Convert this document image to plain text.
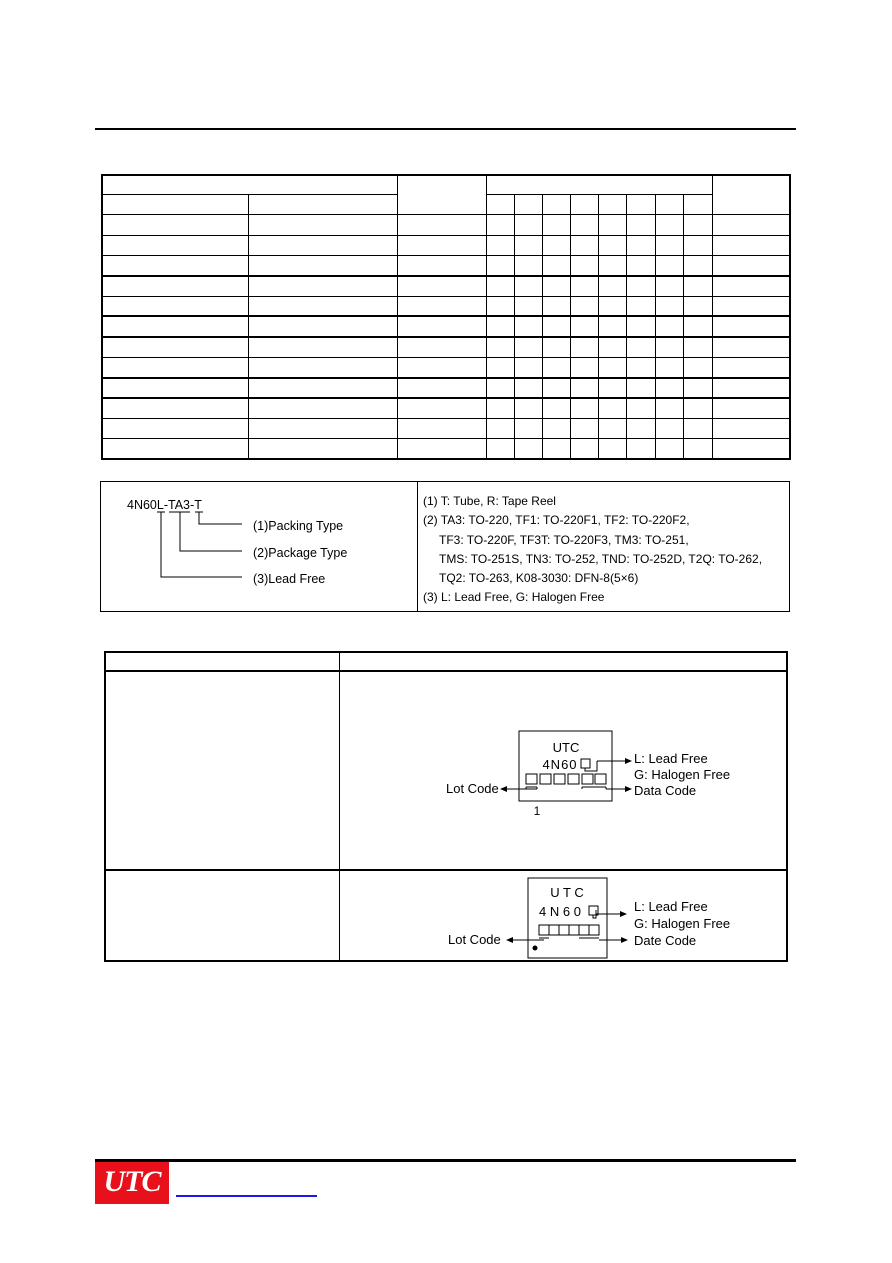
4N60L-TA3-T
(1)Packing Type
(2)Package Type
(3)Lead Free
(1) T: Tube, R: Tape Reel
(2) TA3: TO-220, TF1: TO-220F1, TF2: TO-220F2,
TF3: TO-220F, TF3T: TO-220F3, TM3: TO-251,
TMS: TO-251S, TN3: TO-252, TND: TO-252D, T2Q: TO-262,
TQ2: TO-263, K08-3030: DFN-8(5×6)
(3) L: Lead Free, G: Halogen Free
UTC
4N60	L: Lead Free
G: Halogen Free
Lot Code	Data Code
1
U T C
4 N 6 0	L: Lead Free
G: Halogen Free
Lot Code	Date Code
UTC
